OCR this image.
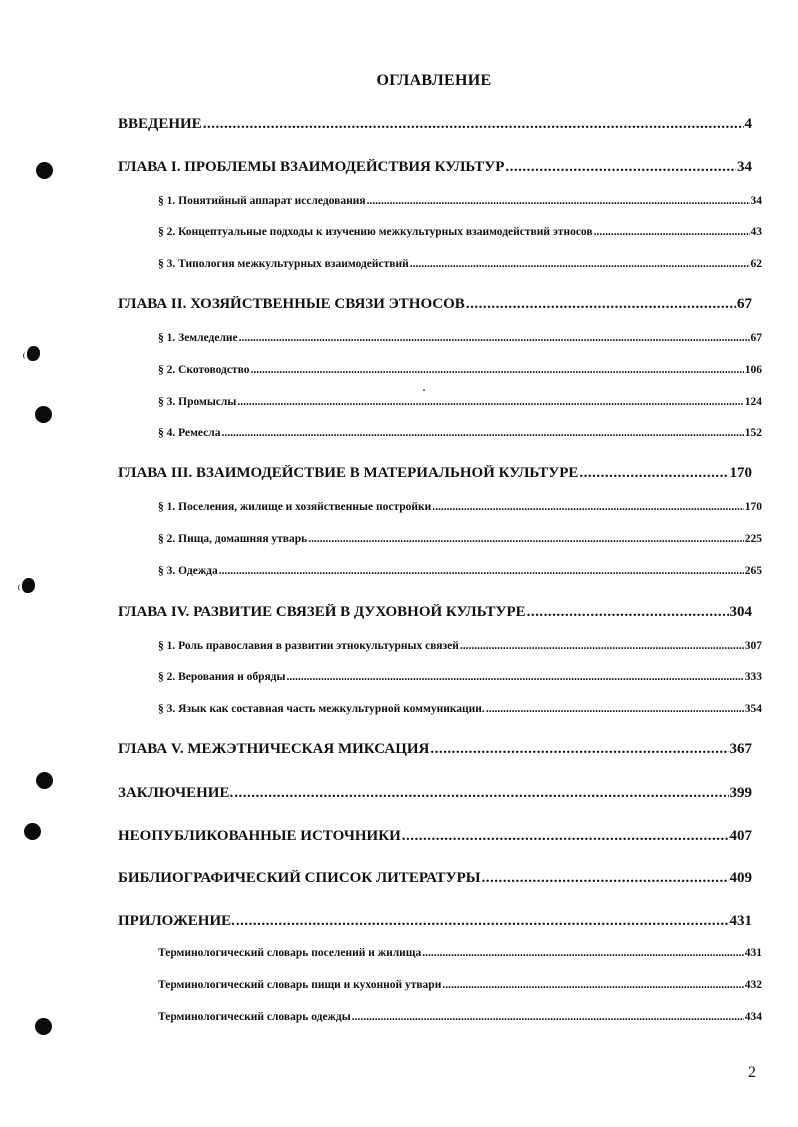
ОГЛАВЛЕНИЕ
ВВЕДЕНИЕ .....	4
ГЛАВА I. ПРОБЛЕМЫ ВЗАИМОДЕЙСТВИЯ КУЛЬТУР .....	34
§ 1. Понятийный аппарат исследования .....	34
§ 2. Концептуальные подходы к изучению межкультурных взаимодействий этносов .....	43
§ 3. Типология межкультурных взаимодействий .....	62
ГЛАВА II. ХОЗЯЙСТВЕННЫЕ СВЯЗИ ЭТНОСОВ .....	67
§ 1. Земледелие .....	67
§ 2. Скотоводство .....	106
§ 3. Промыслы .....	124
§ 4. Ремесла .....	152
ГЛАВА III. ВЗАИМОДЕЙСТВИЕ В МАТЕРИАЛЬНОЙ КУЛЬТУРЕ .....	170
§ 1. Поселения, жилище и хозяйственные постройки .....	170
§ 2. Пища, домашняя утварь .....	225
§ 3. Одежда .....	265
ГЛАВА IV. РАЗВИТИЕ СВЯЗЕЙ В ДУХОВНОЙ КУЛЬТУРЕ .....	304
§ 1. Роль православия в развитии этнокультурных связей .....	307
§ 2. Верования и обряды .....	333
§ 3. Язык как составная часть межкультурной коммуникации. .....	354
ГЛАВА V. МЕЖЭТНИЧЕСКАЯ МИКСАЦИЯ .....	367
ЗАКЛЮЧЕНИЕ. .....	399
НЕОПУБЛИКОВАННЫЕ ИСТОЧНИКИ .....	407
БИБЛИОГРАФИЧЕСКИЙ СПИСОК ЛИТЕРАТУРЫ .....	409
ПРИЛОЖЕНИЕ. .....	431
Терминологический словарь поселений и жилища .....	431
Терминологический словарь пищи и кухонной утвари .....	432
Терминологический словарь одежды .....	434
2
